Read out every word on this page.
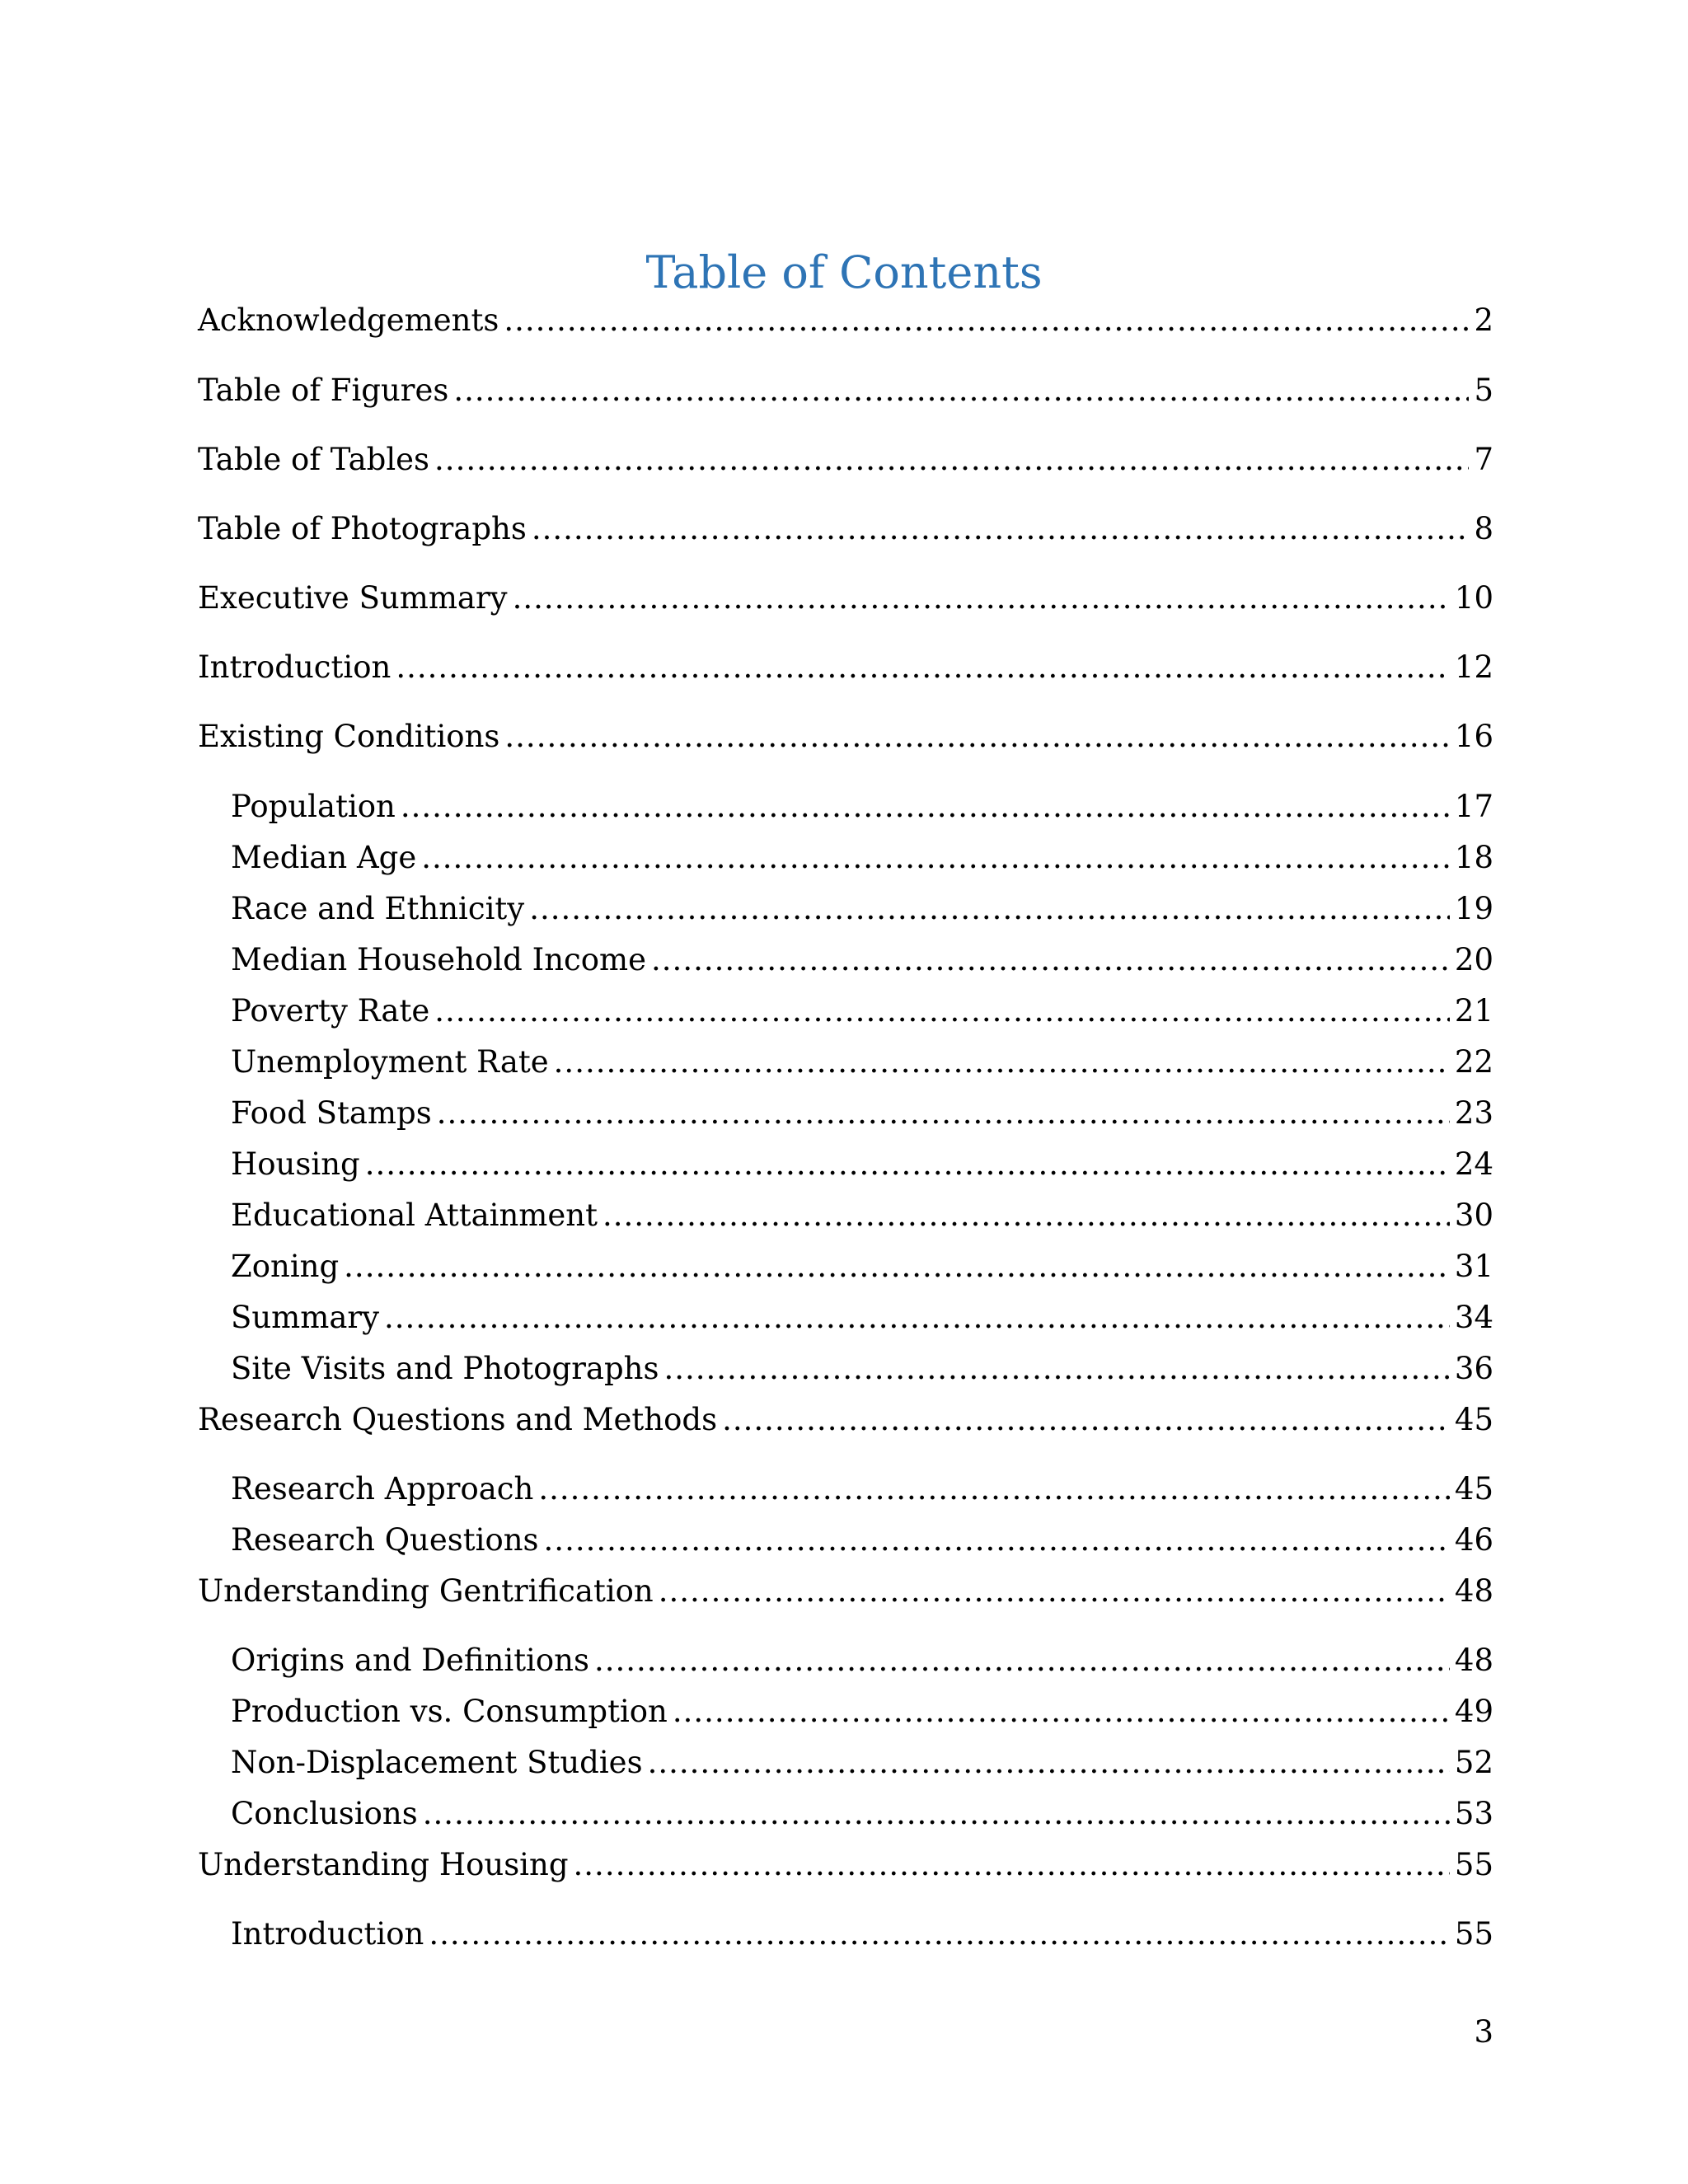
Table of Contents
Acknowledgements .....	2
Table of Figures .....	5
Table of Tables .....	7
Table of Photographs .....	8
Executive Summary .....	10
Introduction .....	12
Existing Conditions .....	16
Population .....	17
Median Age .....	18
Race and Ethnicity .....	19
Median Household Income .....	20
Poverty Rate .....	21
Unemployment Rate .....	22
Food Stamps .....	23
Housing .....	24
Educational Attainment .....	30
Zoning .....	31
Summary .....	34
Site Visits and Photographs .....	36
Research Questions and Methods .....	45
Research Approach .....	45
Research Questions .....	46
Understanding Gentrification .....	48
Origins and Definitions .....	48
Production vs. Consumption .....	49
Non-Displacement Studies .....	52
Conclusions .....	53
Understanding Housing .....	55
Introduction .....	55
3
